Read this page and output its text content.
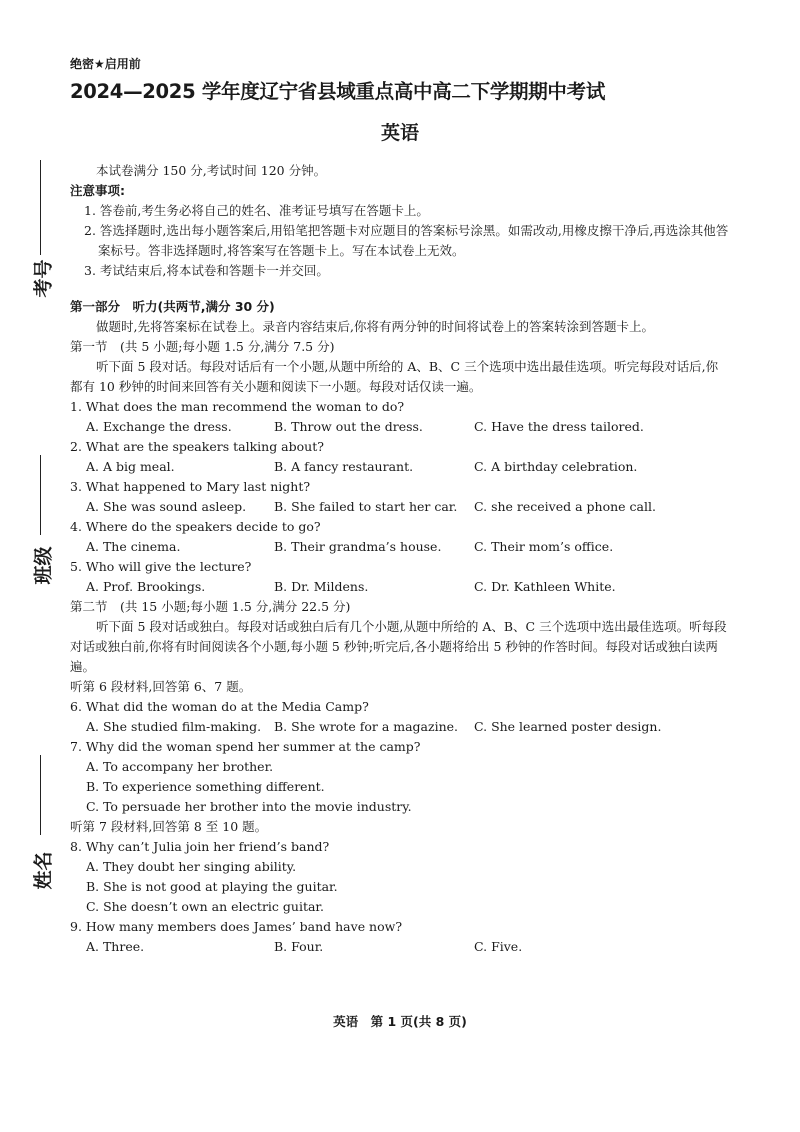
考号
班级
姓名

绝密★启用前

2024—2025 学年度辽宁省县域重点高中高二下学期期中考试

英语

本试卷满分 150 分,考试时间 120 分钟。

注意事项:

1. 答卷前,考生务必将自己的姓名、准考证号填写在答题卡上。

2. 答选择题时,选出每小题答案后,用铅笔把答题卡对应题目的答案标号涂黑。如需改动,用橡皮擦干净后,再选涂其他答案标号。答非选择题时,将答案写在答题卡上。写在本试卷上无效。

3. 考试结束后,将本试卷和答题卡一并交回。

第一部分　听力(共两节,满分 30 分)

做题时,先将答案标在试卷上。录音内容结束后,你将有两分钟的时间将试卷上的答案转涂到答题卡上。

第一节　(共 5 小题;每小题 1.5 分,满分 7.5 分)

听下面 5 段对话。每段对话后有一个小题,从题中所给的 A、B、C 三个选项中选出最佳选项。听完每段对话后,你都有 10 秒钟的时间来回答有关小题和阅读下一小题。每段对话仅读一遍。

1. What does the man recommend the woman to do?

A. Exchange the dress.	B. Throw out the dress.	C. Have the dress tailored.

2. What are the speakers talking about?

A. A big meal.	B. A fancy restaurant.	C. A birthday celebration.

3. What happened to Mary last night?

A. She was sound asleep.	B. She failed to start her car.	C. she received a phone call.

4. Where do the speakers decide to go?

A. The cinema.	B. Their grandma’s house.	C. Their mom’s office.

5. Who will give the lecture?

A. Prof. Brookings.	B. Dr. Mildens.	C. Dr. Kathleen White.

第二节　(共 15 小题;每小题 1.5 分,满分 22.5 分)

听下面 5 段对话或独白。每段对话或独白后有几个小题,从题中所给的 A、B、C 三个选项中选出最佳选项。听每段对话或独白前,你将有时间阅读各个小题,每小题 5 秒钟;听完后,各小题将给出 5 秒钟的作答时间。每段对话或独白读两遍。

听第 6 段材料,回答第 6、7 题。

6. What did the woman do at the Media Camp?

A. She studied film-making.	B. She wrote for a magazine.	C. She learned poster design.

7. Why did the woman spend her summer at the camp?

A. To accompany her brother.

B. To experience something different.

C. To persuade her brother into the movie industry.

听第 7 段材料,回答第 8 至 10 题。

8. Why can’t Julia join her friend’s band?

A. They doubt her singing ability.

B. She is not good at playing the guitar.

C. She doesn’t own an electric guitar.

9. How many members does James’ band have now?

A. Three.	B. Four.	C. Five.
英语　第 1 页(共 8 页)
